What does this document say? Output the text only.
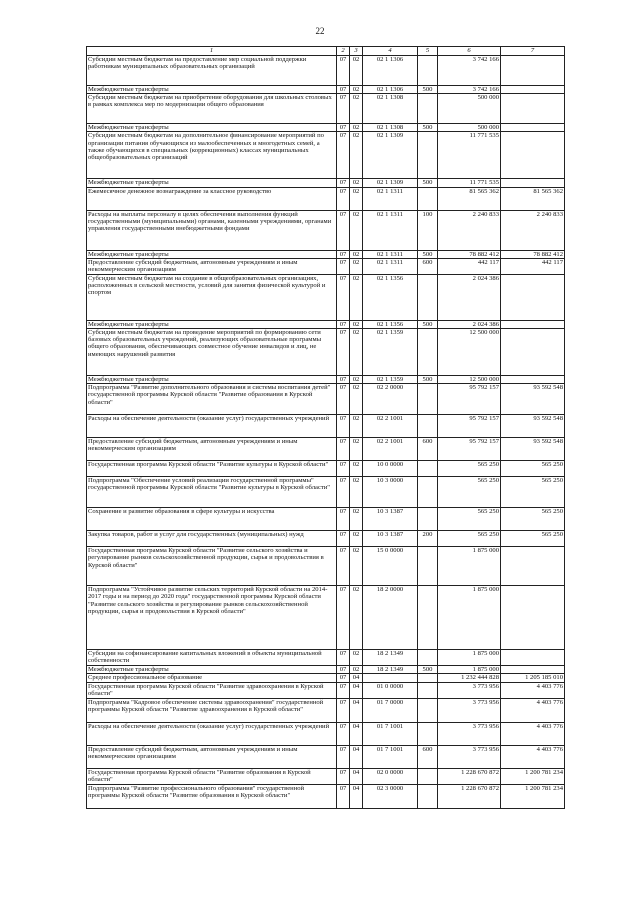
22
1	2	3	4	5	6	7
Субсидии местным бюджетам на предоставление мер социальной поддержки работникам муниципальных образовательных организаций	07	02	02 1 1306		3 742 166	
Межбюджетные трансферты	07	02	02 1 1306	500	3 742 166	
Субсидии местным бюджетам на приобретение оборудования для школьных столовых в рамках комплекса мер по модернизации общего образования	07	02	02 1 1308		500 000	
Межбюджетные трансферты	07	02	02 1 1308	500	500 000	
Субсидии местным бюджетам на дополнительное финансирование мероприятий по организации питания обучающихся из малообеспеченных и многодетных семей, а также обучающихся в специальных (коррекционных) классах муниципальных общеобразовательных организаций	07	02	02 1 1309		11 771 535	
Межбюджетные трансферты	07	02	02 1 1309	500	11 771 535	
Ежемесячное денежное вознаграждение за классное руководство	07	02	02 1 1311		81 565 362	81 565 362
Расходы на выплаты персоналу в целях обеспечения выполнения функций государственными (муниципальными) органами, казенными учреждениями, органами управления государственными внебюджетными фондами	07	02	02 1 1311	100	2 240 833	2 240 833
Межбюджетные трансферты	07	02	02 1 1311	500	78 882 412	78 882 412
Предоставление субсидий бюджетным, автономным учреждениям и иным некоммерческим организациям	07	02	02 1 1311	600	442 117	442 117
Субсидии местным бюджетам на создание в общеобразовательных организациях, расположенных в сельской местности, условий для занятия физической культурой и спортом	07	02	02 1 1356		2 024 386	
Межбюджетные трансферты	07	02	02 1 1356	500	2 024 386	
Субсидии местным бюджетам на проведение мероприятий по формированию сети базовых образовательных учреждений, реализующих образовательные программы общего образования, обеспечивающих совместное обучение инвалидов и лиц, не имеющих нарушений развития	07	02	02 1 1359		12 500 000	
Межбюджетные трансферты	07	02	02 1 1359	500	12 500 000	
Подпрограмма "Развитие дополнительного образования и системы воспитания детей" государственной программы Курской области "Развитие образования в Курской области"	07	02	02 2 0000		95 792 157	93 592 548
Расходы на обеспечение деятельности (оказание услуг) государственных учреждений	07	02	02 2 1001		95 792 157	93 592 548
Предоставление субсидий бюджетным, автономным учреждениям и иным некоммерческим организациям	07	02	02 2 1001	600	95 792 157	93 592 548
Государственная программа Курской области "Развитие культуры в Курской области"	07	02	10 0 0000		565 250	565 250
Подпрограмма "Обеспечение условий реализации государственной программы" государственной программы Курской области "Развитие культуры в Курской области"	07	02	10 3 0000		565 250	565 250
Сохранение и развитие образования в сфере культуры и искусства	07	02	10 3 1387		565 250	565 250
Закупка товаров, работ и услуг для государственных (муниципальных) нужд	07	02	10 3 1387	200	565 250	565 250
Государственная программа Курской области "Развитие сельского хозяйства и регулирование рынков сельскохозяйственной продукции, сырья и продовольствия в Курской области"	07	02	15 0 0000		1 875 000	
Подпрограмма "Устойчивое развитие сельских территорий Курской области на 2014-2017 годы и на период до 2020 года" государственной программы Курской области "Развитие сельского хозяйства и регулирование рынков сельскохозяйственной продукции, сырья и продовольствия в Курской области"	07	02	18 2 0000		1 875 000	
Субсидии на софинансирование капитальных вложений в объекты муниципальной собственности	07	02	18 2 1349		1 875 000	
Межбюджетные трансферты	07	02	18 2 1349	500	1 875 000	
Среднее профессиональное образование	07	04			1 232 444 828	1 205 185 010
Государственная программа Курской области "Развитие здравоохранения в Курской области"	07	04	01 0 0000		3 773 956	4 403 776
Подпрограмма "Кадровое обеспечение системы здравоохранения" государственной программы Курской области "Развитие здравоохранения в Курской области"	07	04	01 7 0000		3 773 956	4 403 776
Расходы на обеспечение деятельности (оказание услуг) государственных учреждений	07	04	01 7 1001		3 773 956	4 403 776
Предоставление субсидий бюджетным, автономным учреждениям и иным некоммерческим организациям	07	04	01 7 1001	600	3 773 956	4 403 776
Государственная программа Курской области "Развитие образования в Курской области"	07	04	02 0 0000		1 228 670 872	1 200 781 234
Подпрограмма "Развитие профессионального образования" государственной программы Курской области "Развитие образования в Курской области"	07	04	02 3 0000		1 228 670 872	1 200 781 234
